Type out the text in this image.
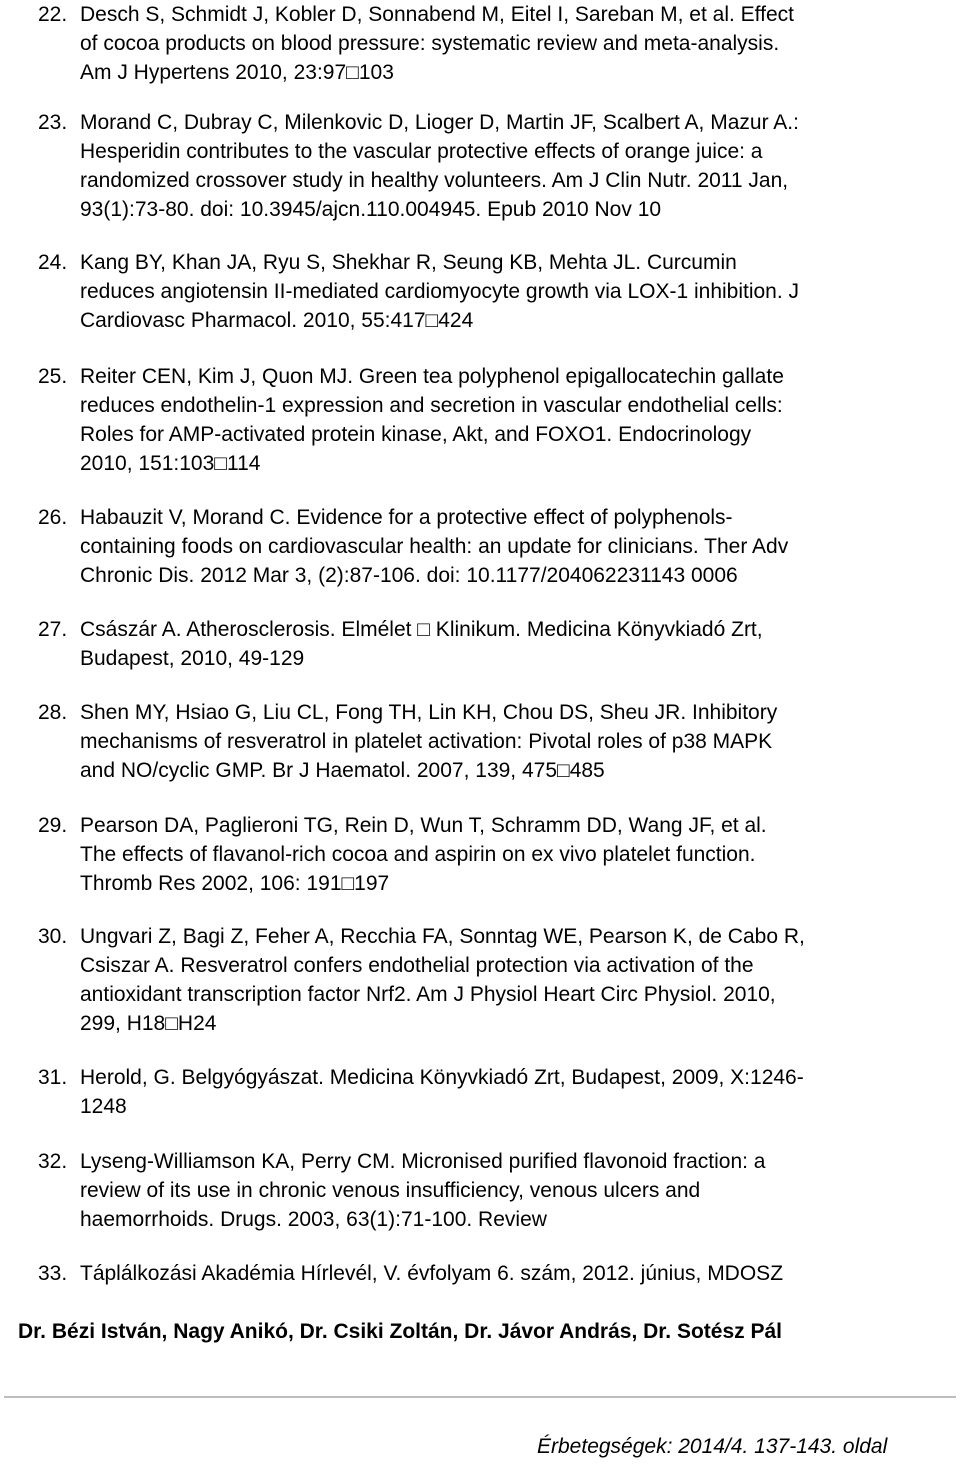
22. Desch S, Schmidt J, Kobler D, Sonnabend M, Eitel I, Sareban M, et al. Effect
of cocoa products on blood pressure: systematic review and meta-analysis.
Am J Hypertens 2010, 23:97□103
23. Morand C, Dubray C, Milenkovic D, Lioger D, Martin JF, Scalbert A, Mazur A.:
Hesperidin contributes to the vascular protective effects of orange juice: a
randomized crossover study in healthy volunteers. Am J Clin Nutr. 2011 Jan,
93(1):73-80. doi: 10.3945/ajcn.110.004945. Epub 2010 Nov 10
24. Kang BY, Khan JA, Ryu S, Shekhar R, Seung KB, Mehta JL. Curcumin
reduces angiotensin II-mediated cardiomyocyte growth via LOX-1 inhibition. J
Cardiovasc Pharmacol. 2010, 55:417□424
25. Reiter CEN, Kim J, Quon MJ. Green tea polyphenol epigallocatechin gallate
reduces endothelin-1 expression and secretion in vascular endothelial cells:
Roles for AMP-activated protein kinase, Akt, and FOXO1. Endocrinology
2010, 151:103□114
26. Habauzit V, Morand C. Evidence for a protective effect of polyphenols-
containing foods on cardiovascular health: an update for clinicians. Ther Adv
Chronic Dis. 2012 Mar 3, (2):87-106. doi: 10.1177/204062231143 0006
27. Császár A. Atherosclerosis. Elmélet □ Klinikum. Medicina Könyvkiadó Zrt,
Budapest, 2010, 49-129
28. Shen MY, Hsiao G, Liu CL, Fong TH, Lin KH, Chou DS, Sheu JR. Inhibitory
mechanisms of resveratrol in platelet activation: Pivotal roles of p38 MAPK
and NO/cyclic GMP. Br J Haematol. 2007, 139, 475□485
29. Pearson DA, Paglieroni TG, Rein D, Wun T, Schramm DD, Wang JF, et al.
The effects of flavanol-rich cocoa and aspirin on ex vivo platelet function.
Thromb Res 2002, 106: 191□197
30. Ungvari Z, Bagi Z, Feher A, Recchia FA, Sonntag WE, Pearson K, de Cabo R,
Csiszar A. Resveratrol confers endothelial protection via activation of the
antioxidant transcription factor Nrf2. Am J Physiol Heart Circ Physiol. 2010,
299, H18□H24
31. Herold, G. Belgyógyászat. Medicina Könyvkiadó Zrt, Budapest, 2009, X:1246-
1248
32. Lyseng-Williamson KA, Perry CM. Micronised purified flavonoid fraction: a
review of its use in chronic venous insufficiency, venous ulcers and
haemorrhoids. Drugs. 2003, 63(1):71-100. Review
33. Táplálkozási Akadémia Hírlevél, V. évfolyam 6. szám, 2012. június, MDOSZ
Dr. Bézi István, Nagy Anikó, Dr. Csiki Zoltán, Dr. Jávor András, Dr. Sotész Pál
Érbetegségek: 2014/4. 137-143. oldal
